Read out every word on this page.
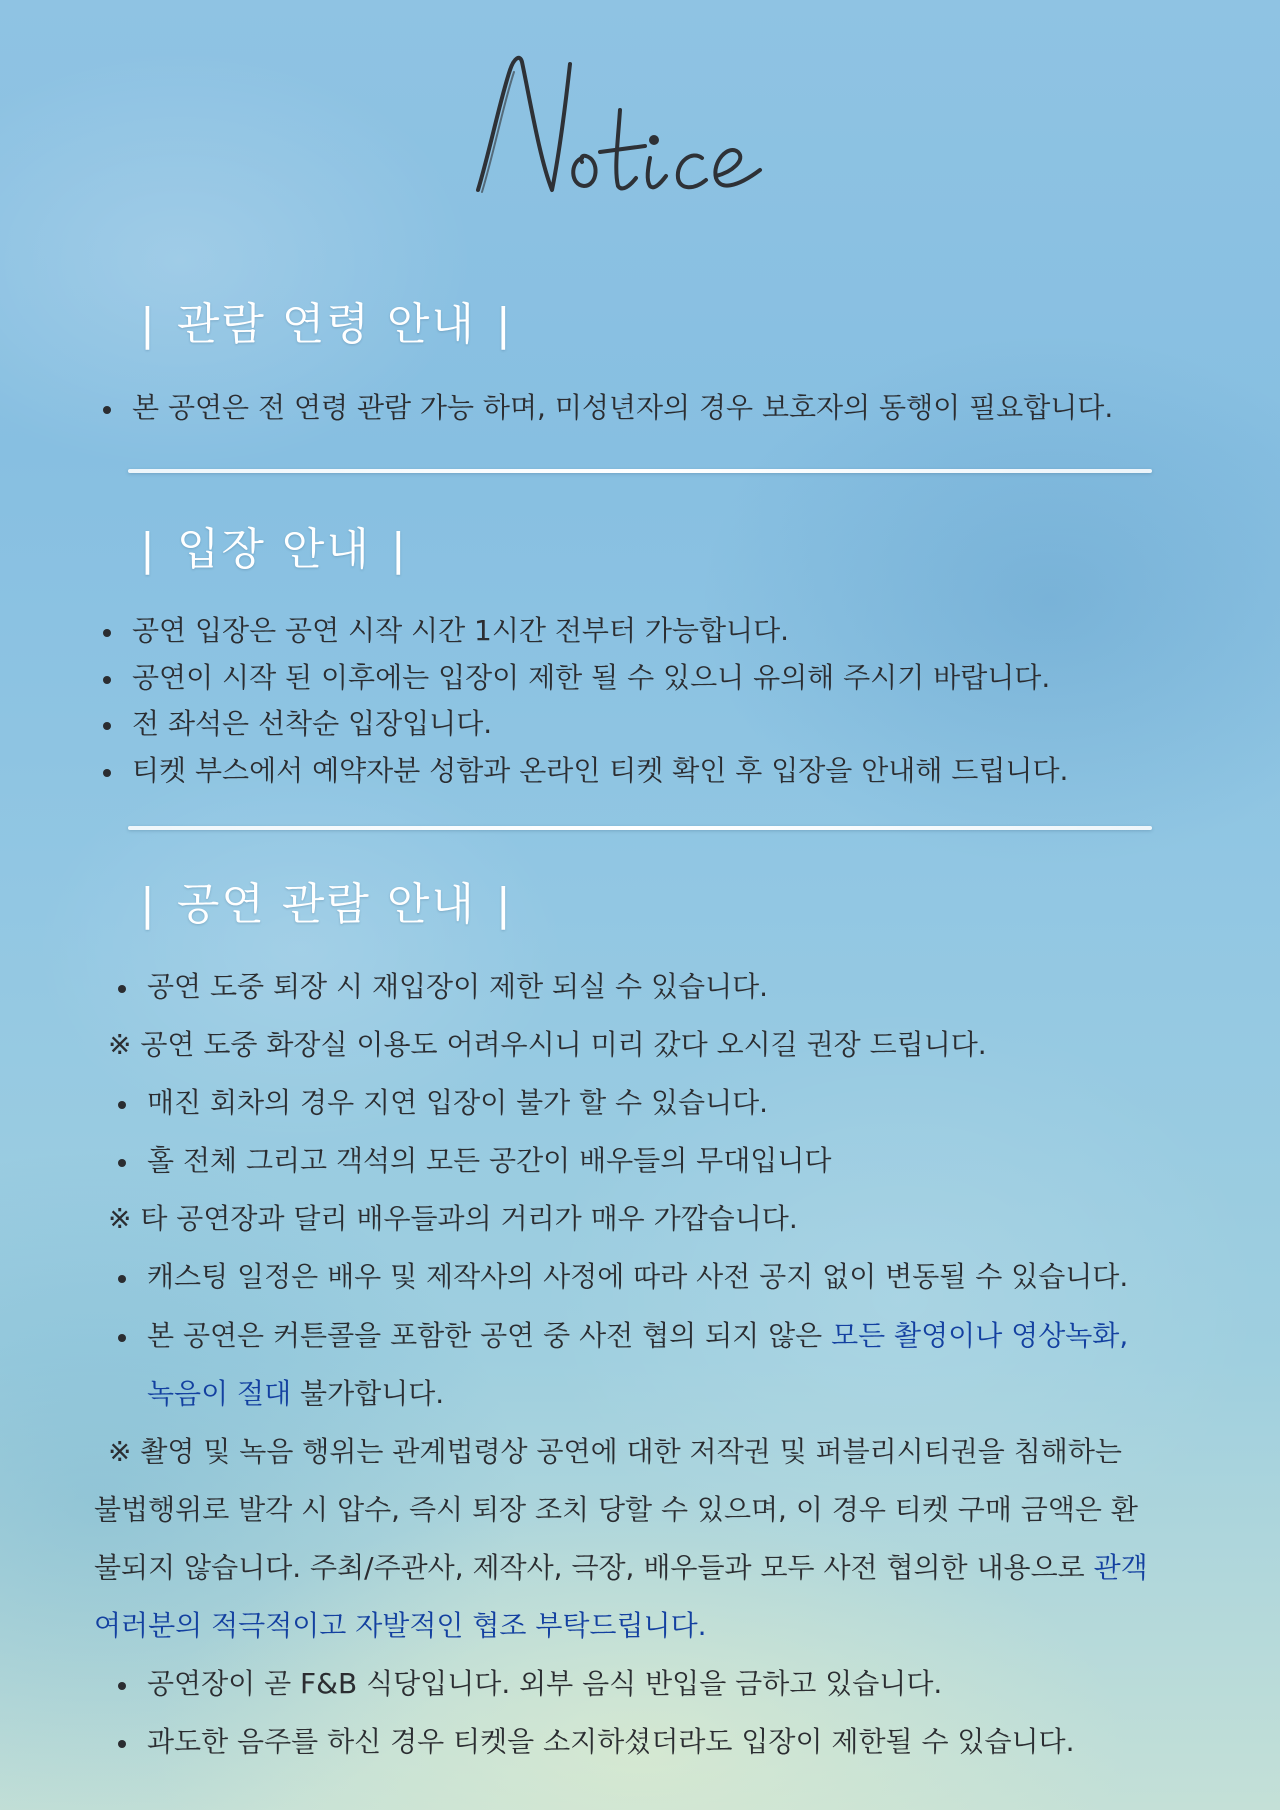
| 관람 연령 안내 |
본 공연은 전 연령 관람 가능 하며, 미성년자의 경우 보호자의 동행이 필요합니다.
| 입장 안내 |
공연 입장은 공연 시작 시간 1시간 전부터 가능합니다.
공연이 시작 된 이후에는 입장이 제한 될 수 있으니 유의해 주시기 바랍니다.
전 좌석은 선착순 입장입니다.
티켓 부스에서 예약자분 성함과 온라인 티켓 확인 후 입장을 안내해 드립니다.
| 공연 관람 안내 |
공연 도중 퇴장 시 재입장이 제한 되실 수 있습니다.
※ 공연 도중 화장실 이용도 어려우시니 미리 갔다 오시길 권장 드립니다.
매진 회차의 경우 지연 입장이 불가 할 수 있습니다.
홀 전체 그리고 객석의 모든 공간이 배우들의 무대입니다
※ 타 공연장과 달리 배우들과의 거리가 매우 가깝습니다.
캐스팅 일정은 배우 및 제작사의 사정에 따라 사전 공지 없이 변동될 수 있습니다.
본 공연은 커튼콜을 포함한 공연 중 사전 협의 되지 않은 모든 촬영이나 영상녹화,
녹음이 절대 불가합니다.
※ 촬영 및 녹음 행위는 관계법령상 공연에 대한 저작권 및 퍼블리시티권을 침해하는
불법행위로 발각 시 압수, 즉시 퇴장 조치 당할 수 있으며, 이 경우 티켓 구매 금액은 환
불되지 않습니다. 주최/주관사, 제작사, 극장, 배우들과 모두 사전 협의한 내용으로 관객
여러분의 적극적이고 자발적인 협조 부탁드립니다.
공연장이 곧 F&B 식당입니다. 외부 음식 반입을 금하고 있습니다.
과도한 음주를 하신 경우 티켓을 소지하셨더라도 입장이 제한될 수 있습니다.
